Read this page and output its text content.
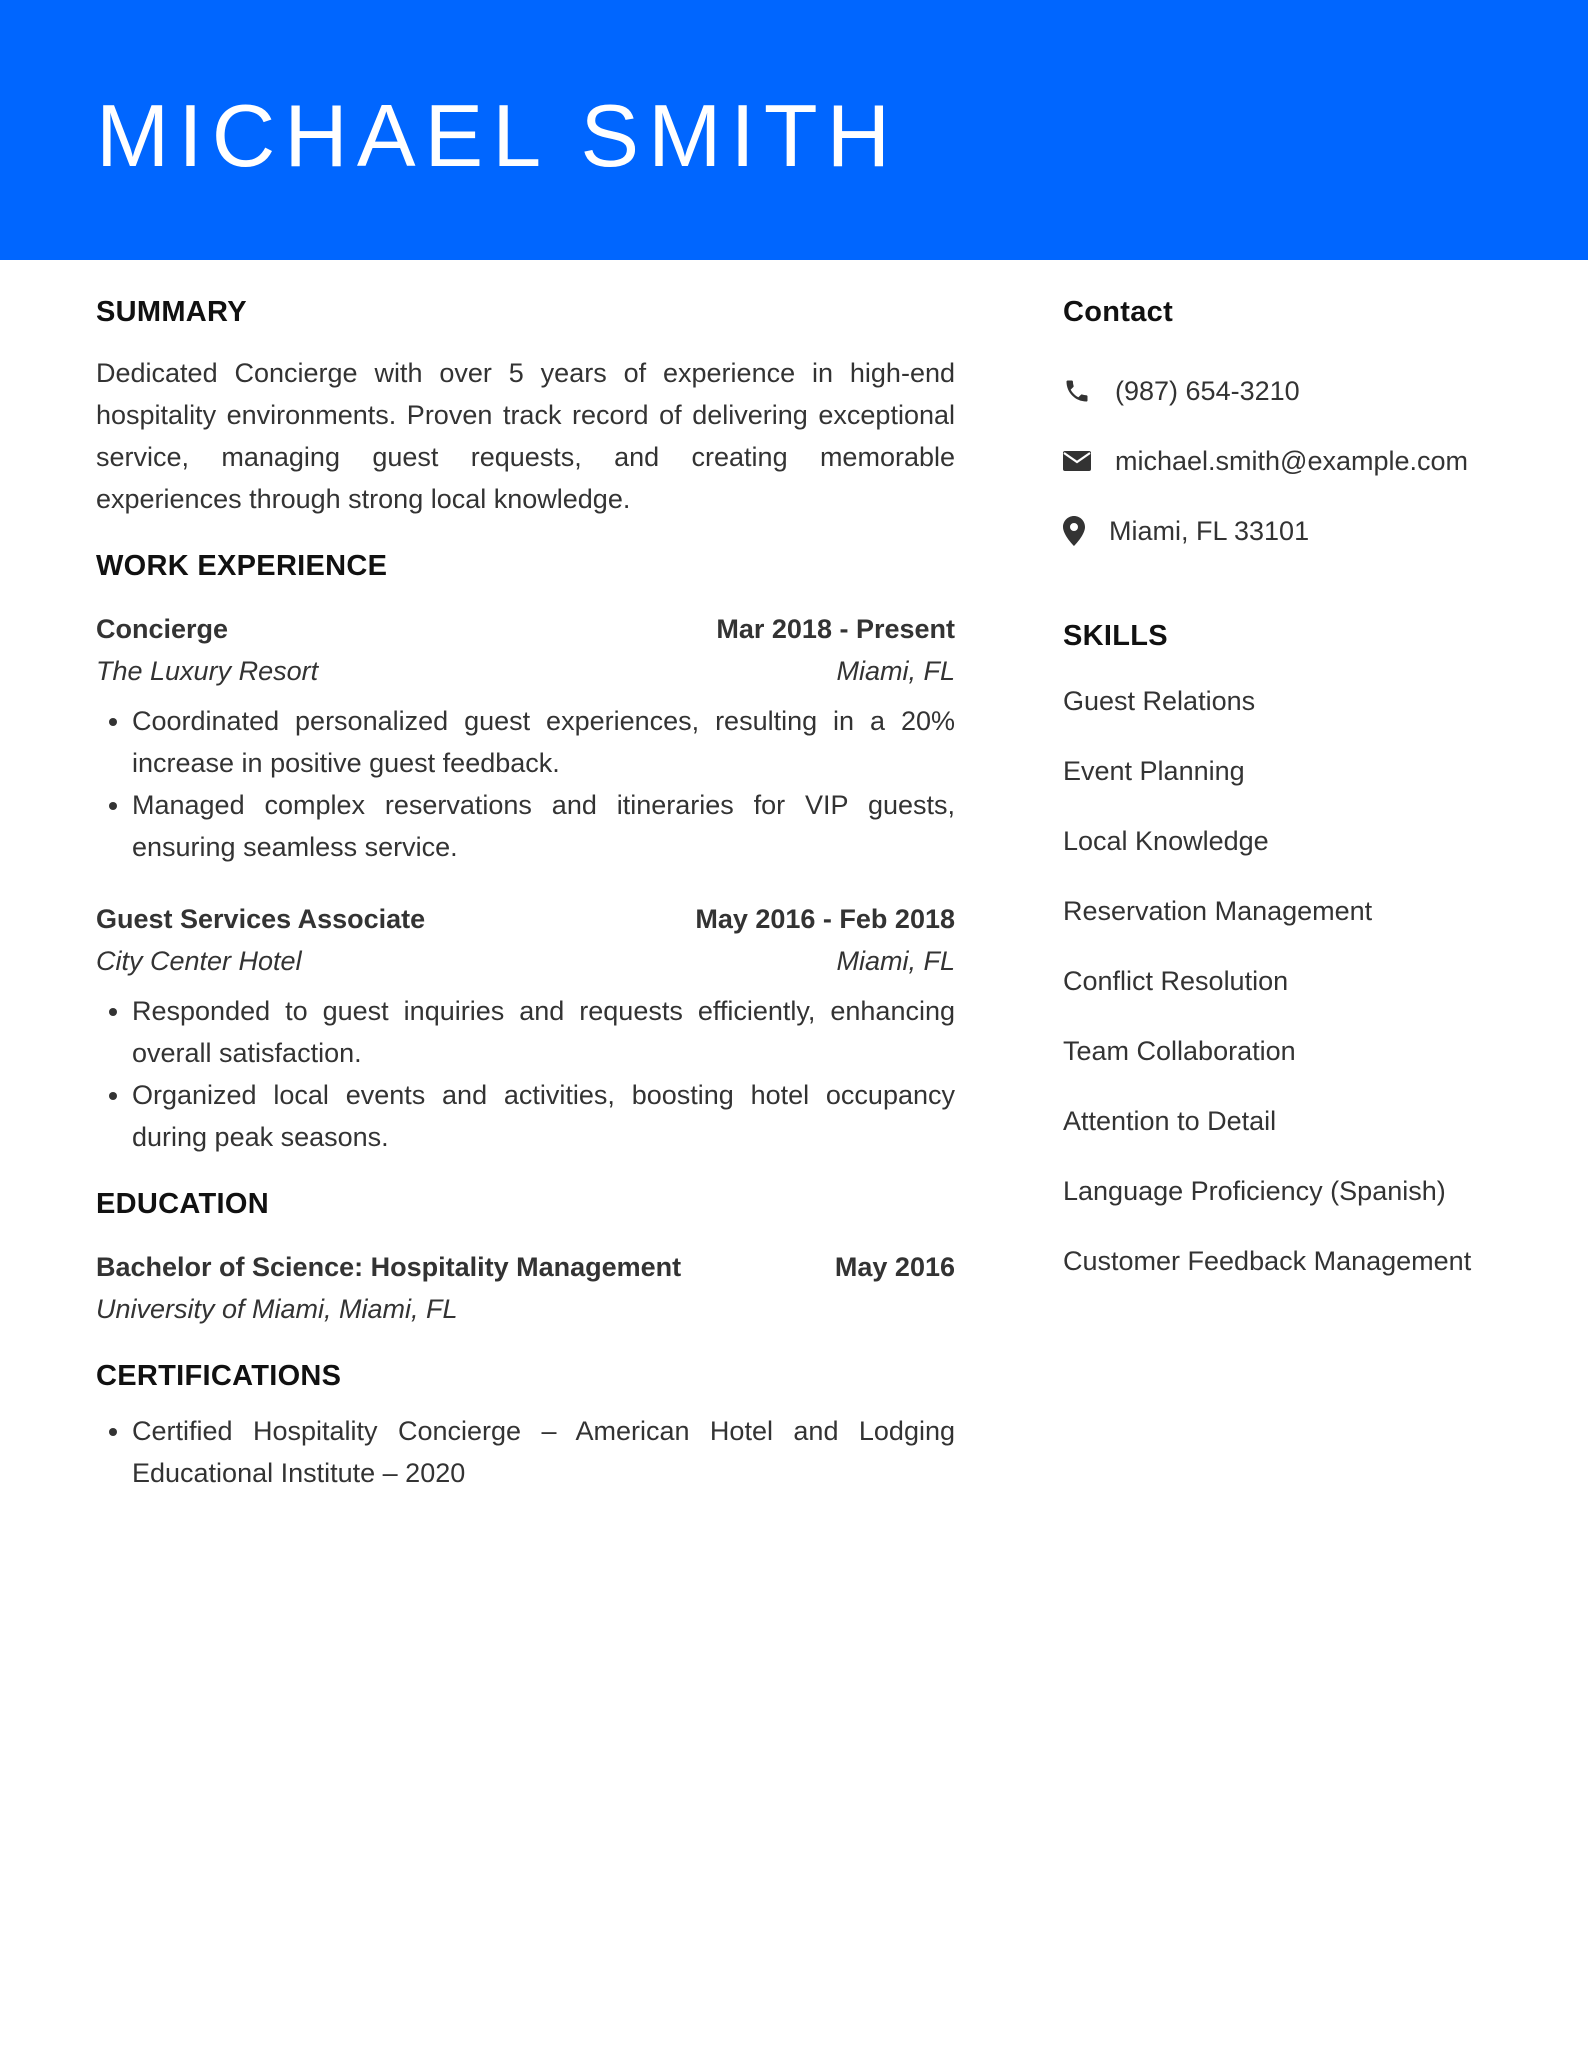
MICHAEL SMITH
SUMMARY

Dedicated Concierge with over 5 years of experience in high-end hospitality environments. Proven track record of delivering exceptional service, managing guest requests, and creating memorable experiences through strong local knowledge.

WORK EXPERIENCE
Concierge	Mar 2018 - Present
The Luxury Resort	Miami, FL
• Coordinated personalized guest experiences, resulting in a 20% increase in positive guest feedback.
• Managed complex reservations and itineraries for VIP guests, ensuring seamless service.
Guest Services Associate	May 2016 - Feb 2018
City Center Hotel	Miami, FL
• Responded to guest inquiries and requests efficiently, enhancing overall satisfaction.
• Organized local events and activities, boosting hotel occupancy during peak seasons.
EDUCATION
Bachelor of Science: Hospitality Management	May 2016
University of Miami, Miami, FL
CERTIFICATIONS
• Certified Hospitality Concierge – American Hotel and Lodging Educational Institute – 2020
Contact
(987) 654-3210
michael.smith@example.com
Miami, FL 33101
SKILLS
Guest Relations
Event Planning
Local Knowledge
Reservation Management
Conflict Resolution
Team Collaboration
Attention to Detail
Language Proficiency (Spanish)
Customer Feedback Management
